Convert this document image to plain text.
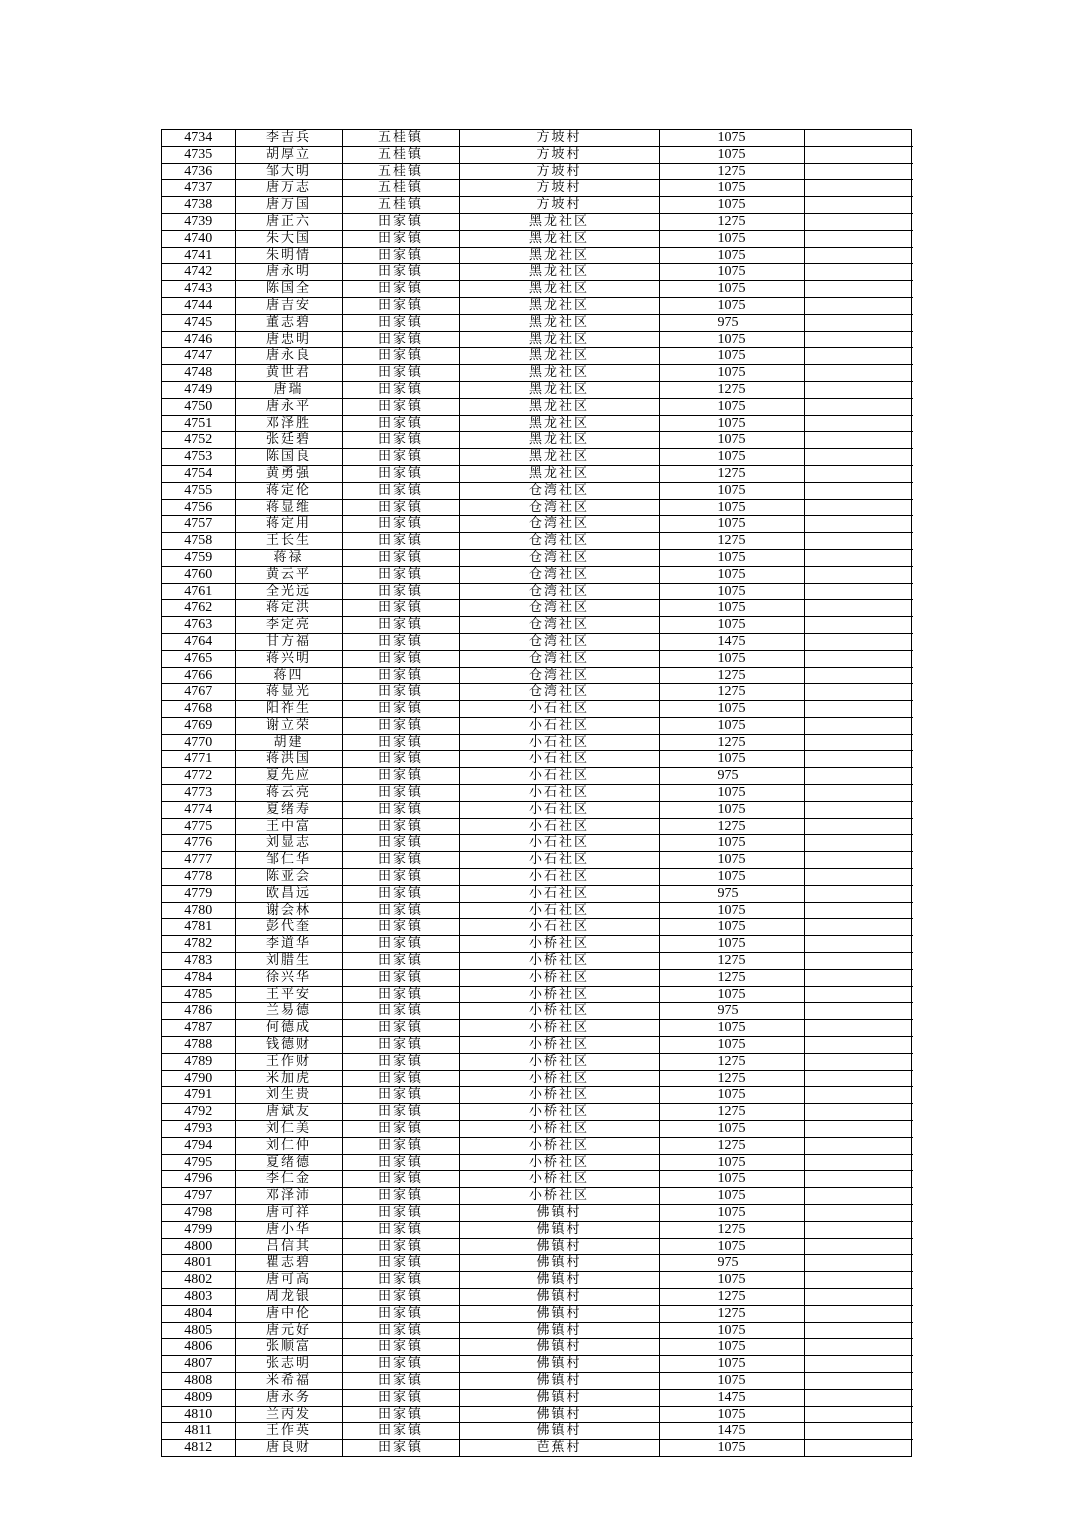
4734	李吉兵	五桂镇	方坡村	1075	
4735	胡厚立	五桂镇	方坡村	1075	
4736	邹大明	五桂镇	方坡村	1275	
4737	唐万志	五桂镇	方坡村	1075	
4738	唐万国	五桂镇	方坡村	1075	
4739	唐正六	田家镇	黑龙社区	1275	
4740	朱大国	田家镇	黑龙社区	1075	
4741	朱明情	田家镇	黑龙社区	1075	
4742	唐永明	田家镇	黑龙社区	1075	
4743	陈国全	田家镇	黑龙社区	1075	
4744	唐吉安	田家镇	黑龙社区	1075	
4745	董志碧	田家镇	黑龙社区	975	
4746	唐忠明	田家镇	黑龙社区	1075	
4747	唐永良	田家镇	黑龙社区	1075	
4748	黄世君	田家镇	黑龙社区	1075	
4749	唐瑞	田家镇	黑龙社区	1275	
4750	唐永平	田家镇	黑龙社区	1075	
4751	邓泽胜	田家镇	黑龙社区	1075	
4752	张廷碧	田家镇	黑龙社区	1075	
4753	陈国良	田家镇	黑龙社区	1075	
4754	黄勇强	田家镇	黑龙社区	1275	
4755	蒋定伦	田家镇	仓湾社区	1075	
4756	蒋显维	田家镇	仓湾社区	1075	
4757	蒋定用	田家镇	仓湾社区	1075	
4758	王长生	田家镇	仓湾社区	1275	
4759	蒋禄	田家镇	仓湾社区	1075	
4760	黄云平	田家镇	仓湾社区	1075	
4761	全光远	田家镇	仓湾社区	1075	
4762	蒋定洪	田家镇	仓湾社区	1075	
4763	李定亮	田家镇	仓湾社区	1075	
4764	甘方福	田家镇	仓湾社区	1475	
4765	蒋兴明	田家镇	仓湾社区	1075	
4766	蒋四	田家镇	仓湾社区	1275	
4767	蒋显光	田家镇	仓湾社区	1275	
4768	阳祚生	田家镇	小石社区	1075	
4769	谢立荣	田家镇	小石社区	1075	
4770	胡建	田家镇	小石社区	1275	
4771	蒋洪国	田家镇	小石社区	1075	
4772	夏先应	田家镇	小石社区	975	
4773	蒋云亮	田家镇	小石社区	1075	
4774	夏绪寿	田家镇	小石社区	1075	
4775	王中富	田家镇	小石社区	1275	
4776	刘显志	田家镇	小石社区	1075	
4777	邹仁华	田家镇	小石社区	1075	
4778	陈亚会	田家镇	小石社区	1075	
4779	欧昌远	田家镇	小石社区	975	
4780	谢会林	田家镇	小石社区	1075	
4781	彭代奎	田家镇	小石社区	1075	
4782	李道华	田家镇	小桥社区	1075	
4783	刘腊生	田家镇	小桥社区	1275	
4784	徐兴华	田家镇	小桥社区	1275	
4785	王平安	田家镇	小桥社区	1075	
4786	兰易德	田家镇	小桥社区	975	
4787	何德成	田家镇	小桥社区	1075	
4788	钱德财	田家镇	小桥社区	1075	
4789	王作财	田家镇	小桥社区	1275	
4790	米加虎	田家镇	小桥社区	1275	
4791	刘生贵	田家镇	小桥社区	1075	
4792	唐斌友	田家镇	小桥社区	1275	
4793	刘仁美	田家镇	小桥社区	1075	
4794	刘仁仲	田家镇	小桥社区	1275	
4795	夏绪德	田家镇	小桥社区	1075	
4796	李仁金	田家镇	小桥社区	1075	
4797	邓泽沛	田家镇	小桥社区	1075	
4798	唐可祥	田家镇	佛镇村	1075	
4799	唐小华	田家镇	佛镇村	1275	
4800	吕信其	田家镇	佛镇村	1075	
4801	瞿志碧	田家镇	佛镇村	975	
4802	唐可高	田家镇	佛镇村	1075	
4803	周龙银	田家镇	佛镇村	1275	
4804	唐中伦	田家镇	佛镇村	1275	
4805	唐元好	田家镇	佛镇村	1075	
4806	张顺富	田家镇	佛镇村	1075	
4807	张志明	田家镇	佛镇村	1075	
4808	米希福	田家镇	佛镇村	1075	
4809	唐永务	田家镇	佛镇村	1475	
4810	兰丙发	田家镇	佛镇村	1075	
4811	王作英	田家镇	佛镇村	1475	
4812	唐良财	田家镇	芭蕉村	1075	
